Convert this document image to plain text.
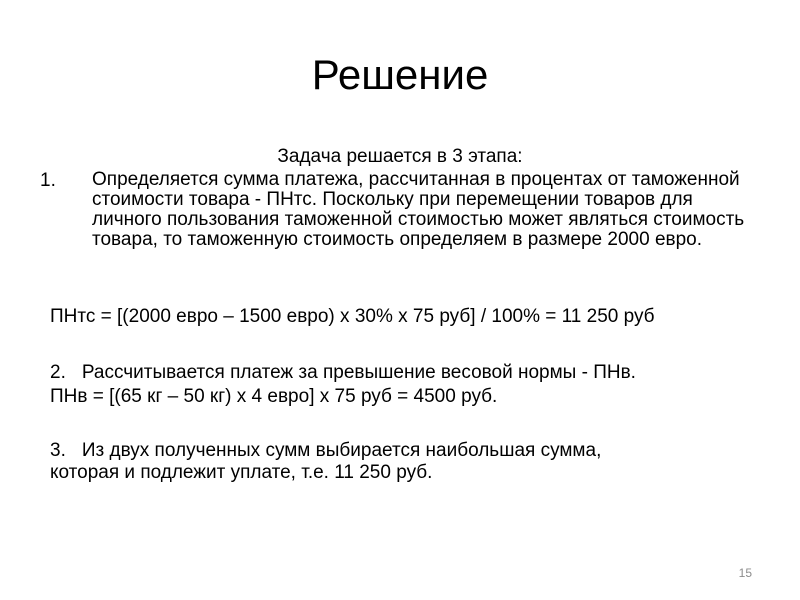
Решение
Задача решается в 3 этапа:
1. Определяется сумма платежа, рассчитанная в процентах от таможенной стоимости товара - ПНтс. Поскольку при перемещении товаров для личного пользования таможенной стоимостью может являться стоимость товара, то таможенную стоимость определяем в размере 2000 евро.
ПНтс = [(2000 евро – 1500 евро) х 30% х 75 руб] / 100% = 11 250 руб
2. Рассчитывается платеж за превышение весовой нормы - ПНв.
ПНв = [(65 кг – 50 кг) х 4 евро] х 75 руб = 4500 руб.
3. Из двух полученных сумм выбирается наибольшая сумма,
которая и подлежит уплате, т.е. 11 250 руб.
15
